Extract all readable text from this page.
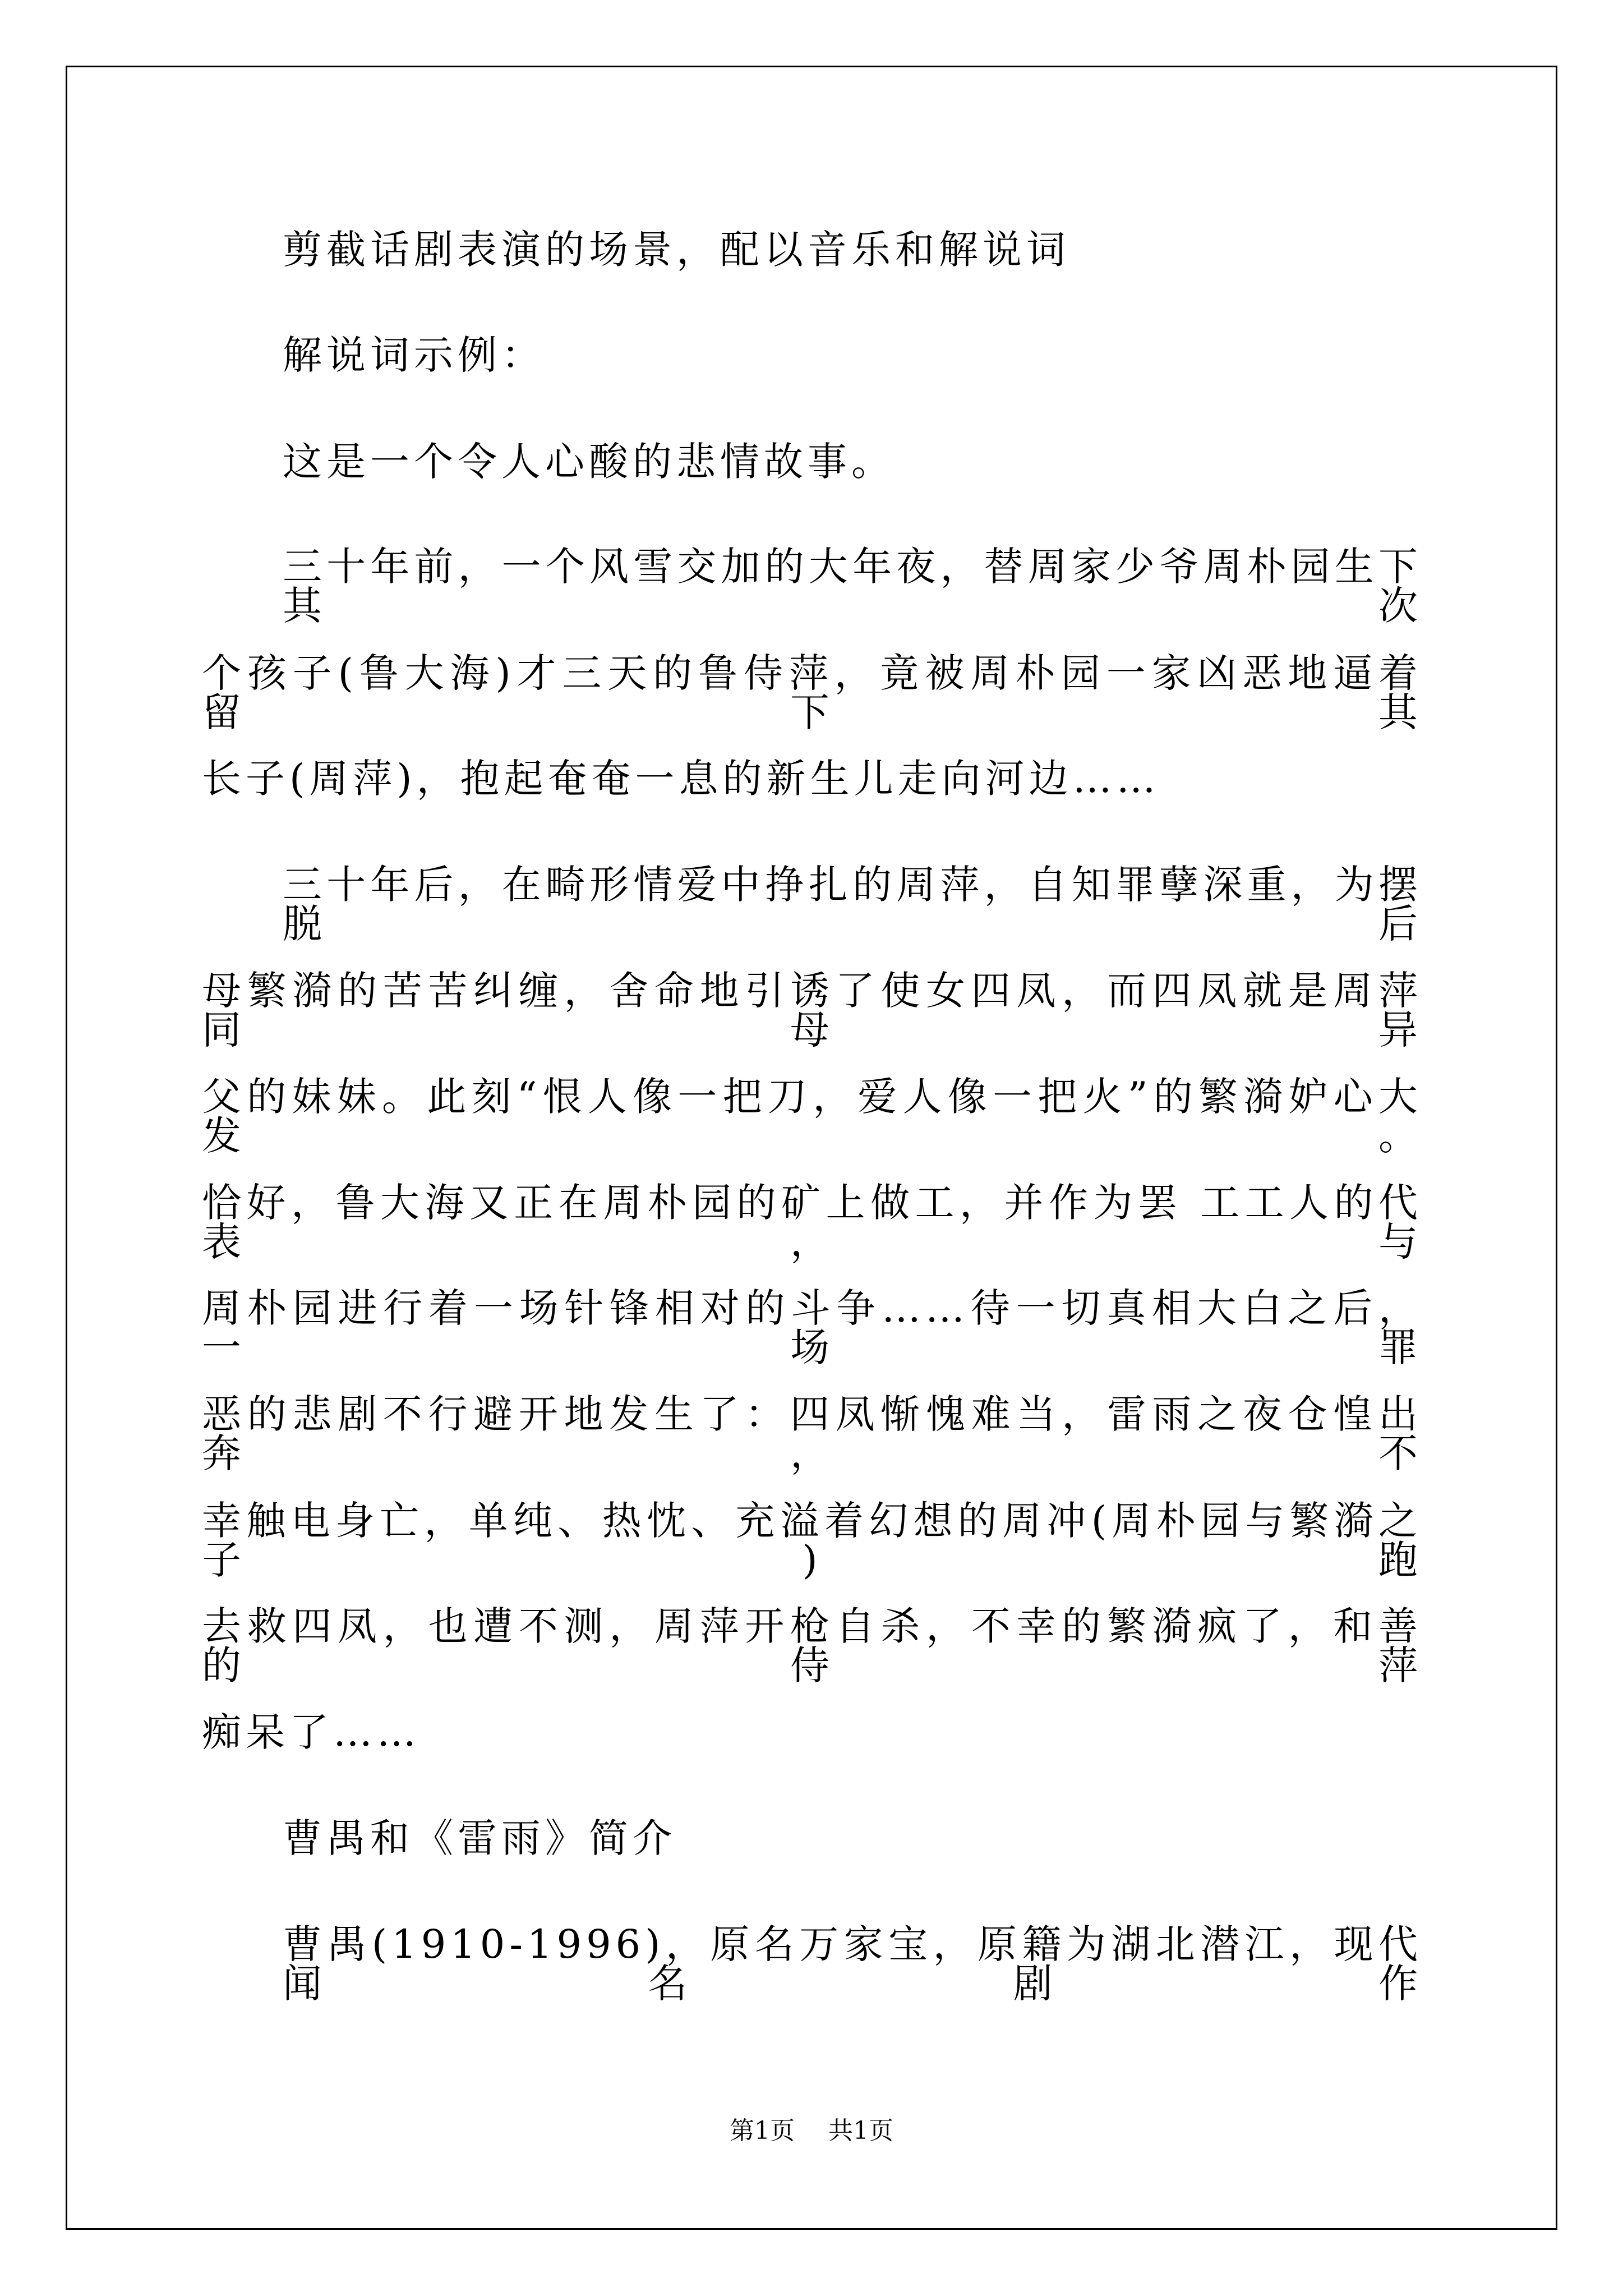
剪截话剧表演的场景，配以音乐和解说词
解说词示例：
这是一个令人心酸的悲情故事。
三十年前，一个风雪交加的大年夜，替周家少爷周朴园生下其次
个孩子(鲁大海)才三天的鲁侍萍，竟被周朴园一家凶恶地逼着留下其
长子(周萍)，抱起奄奄一息的新生儿走向河边……
三十年后，在畸形情爱中挣扎的周萍，自知罪孽深重，为摆脱后
母繁漪的苦苦纠缠，舍命地引诱了使女四凤，而四凤就是周萍同母异
父的妹妹。此刻“恨人像一把刀，爱人像一把火”的繁漪妒心大发。
恰好，鲁大海又正在周朴园的矿上做工，并作为罢 工工人的代表，与
周朴园进行着一场针锋相对的斗争……待一切真相大白之后，一场罪
恶的悲剧不行避开地发生了：四凤惭愧难当，雷雨之夜仓惶出奔，不
幸触电身亡，单纯、热忱、充溢着幻想的周冲(周朴园与繁漪之子)跑
去救四凤，也遭不测，周萍开枪自杀，不幸的繁漪疯了，和善的侍萍
痴呆了……
曹禺和《雷雨》简介
曹禺(1910-1996)，原名万家宝，原籍为湖北潜江，现代闻名剧作
第1页 共1页
